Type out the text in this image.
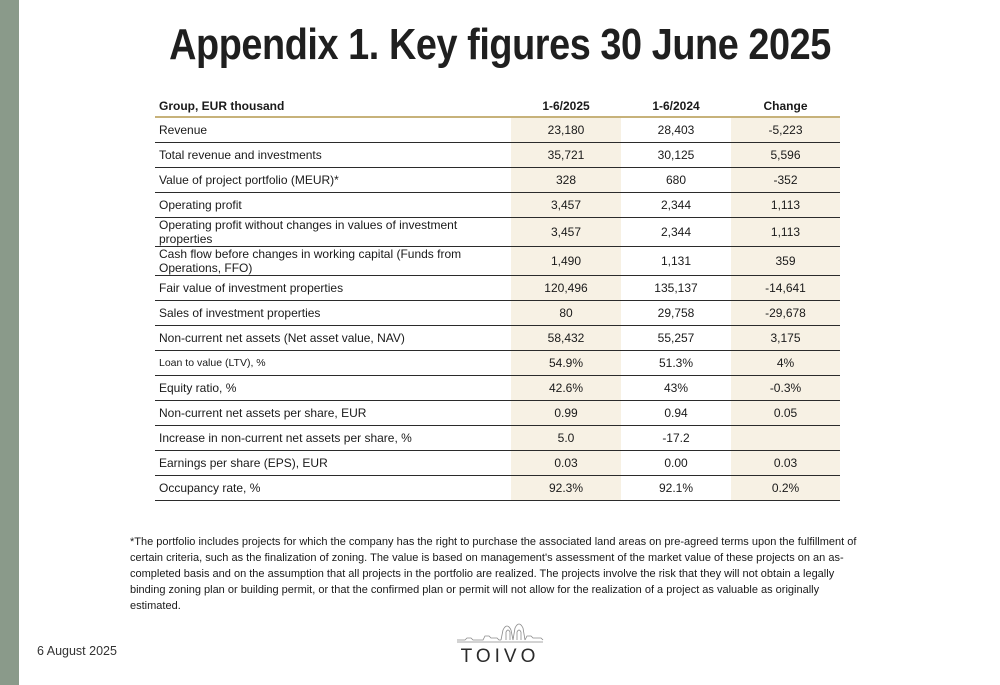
Appendix 1. Key figures 30 June 2025
Group, EUR thousand	1-6/2025	1-6/2024	Change
Revenue	23,180	28,403	-5,223
Total revenue and investments	35,721	30,125	5,596
Value of project portfolio (MEUR)*	328	680	-352
Operating profit	3,457	2,344	1,113
Operating profit without changes in values of investment properties	3,457	2,344	1,113
Cash flow before changes in working capital (Funds from Operations, FFO)	1,490	1,131	359
Fair value of investment properties	120,496	135,137	-14,641
Sales of investment properties	80	29,758	-29,678
Non-current net assets (Net asset value, NAV)	58,432	55,257	3,175
Loan to value (LTV), %	54.9%	51.3%	4%
Equity ratio, %	42.6%	43%	-0.3%
Non-current net assets per share, EUR	0.99	0.94	0.05
Increase in non-current net assets per share, %	5.0	-17.2	
Earnings per share (EPS), EUR	0.03	0.00	0.03
Occupancy rate, %	92.3%	92.1%	0.2%
*The portfolio includes projects for which the company has the right to purchase the associated land areas on pre-agreed terms upon the fulfillment of certain criteria, such as the finalization of zoning. The value is based on management's assessment of the market value of these projects on an as-completed basis and on the assumption that all projects in the portfolio are realized. The projects involve the risk that they will not obtain a legally binding zoning plan or building permit, or that the confirmed plan or permit will not allow for the realization of a project as valuable as originally estimated.
6 August 2025	TOIVO
